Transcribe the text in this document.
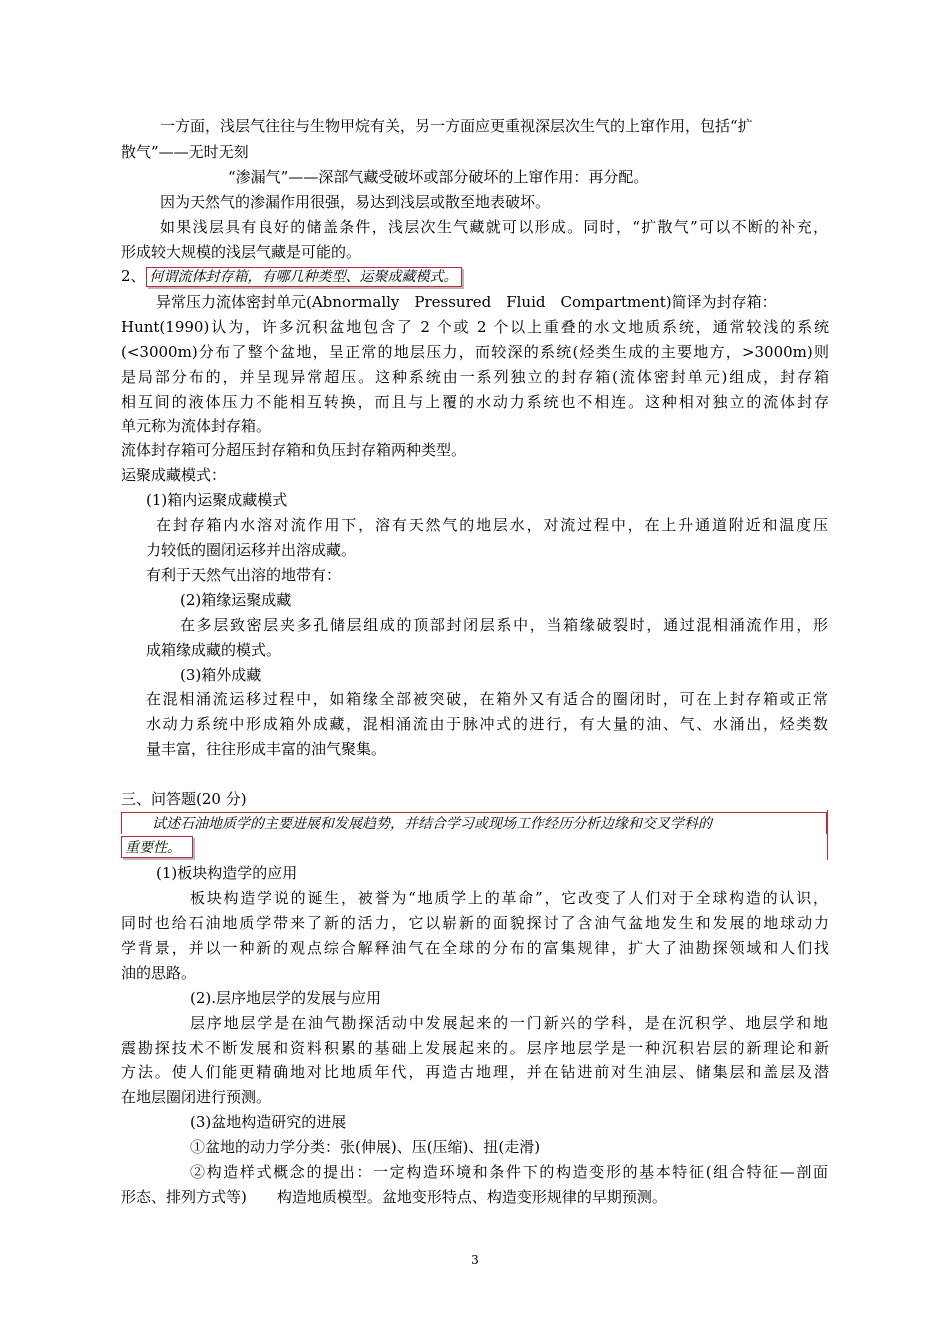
一方面，浅层气往往与生物甲烷有关，另一方面应更重视深层次生气的上窜作用，包括“扩
散气”——无时无刻
“渗漏气”——深部气藏受破坏或部分破坏的上窜作用：再分配。
因为天然气的渗漏作用很强，易达到浅层或散至地表破坏。
如果浅层具有良好的储盖条件，浅层次生气藏就可以形成。同时，“扩散气”可以不断的补充，
形成较大规模的浅层气藏是可能的。
2、 何谓流体封存箱，有哪几种类型、运聚成藏模式。
异常压力流体密封单元(Abnormally　Pressured　Fluid　Compartment)简译为封存箱：
Hunt(1990)认为，许多沉积盆地包含了 2 个或 2 个以上重叠的水文地质系统，通常较浅的系统
(<3000m)分布了整个盆地，呈正常的地层压力，而较深的系统(烃类生成的主要地方，>3000m)则
是局部分布的，并呈现异常超压。这种系统由一系列独立的封存箱(流体密封单元)组成，封存箱
相互间的液体压力不能相互转换，而且与上覆的水动力系统也不相连。这种相对独立的流体封存
单元称为流体封存箱。
流体封存箱可分超压封存箱和负压封存箱两种类型。
运聚成藏模式：
(1)箱内运聚成藏模式
在封存箱内水溶对流作用下，溶有天然气的地层水，对流过程中，在上升通道附近和温度压
力较低的圈闭运移并出溶成藏。
有利于天然气出溶的地带有：
(2)箱缘运聚成藏
在多层致密层夹多孔储层组成的顶部封闭层系中，当箱缘破裂时，通过混相涌流作用，形
成箱缘成藏的模式。
(3)箱外成藏
在混相涌流运移过程中，如箱缘全部被突破，在箱外又有适合的圈闭时，可在上封存箱或正常
水动力系统中形成箱外成藏，混相涌流由于脉冲式的进行，有大量的油、气、水涌出，烃类数
量丰富，往往形成丰富的油气聚集。
三、问答题(20 分)
试述石油地质学的主要进展和发展趋势，并结合学习或现场工作经历分析边缘和交叉学科的
重要性。
(1)板块构造学的应用
板块构造学说的诞生，被誉为“地质学上的革命”，它改变了人们对于全球构造的认识，
同时也给石油地质学带来了新的活力，它以崭新的面貌探讨了含油气盆地发生和发展的地球动力
学背景，并以一种新的观点综合解释油气在全球的分布的富集规律，扩大了油勘探领域和人们找
油的思路。
(2).层序地层学的发展与应用
层序地层学是在油气勘探活动中发展起来的一门新兴的学科，是在沉积学、地层学和地
震勘探技术不断发展和资料积累的基础上发展起来的。层序地层学是一种沉积岩层的新理论和新
方法。使人们能更精确地对比地质年代，再造古地理，并在钻进前对生油层、储集层和盖层及潜
在地层圈闭进行预测。
(3)盆地构造研究的进展
①盆地的动力学分类：张(伸展)、压(压缩)、扭(走滑)
②构造样式概念的提出：一定构造环境和条件下的构造变形的基本特征(组合特征—剖面
形态、排列方式等)　　构造地质模型。盆地变形特点、构造变形规律的早期预测。
3
